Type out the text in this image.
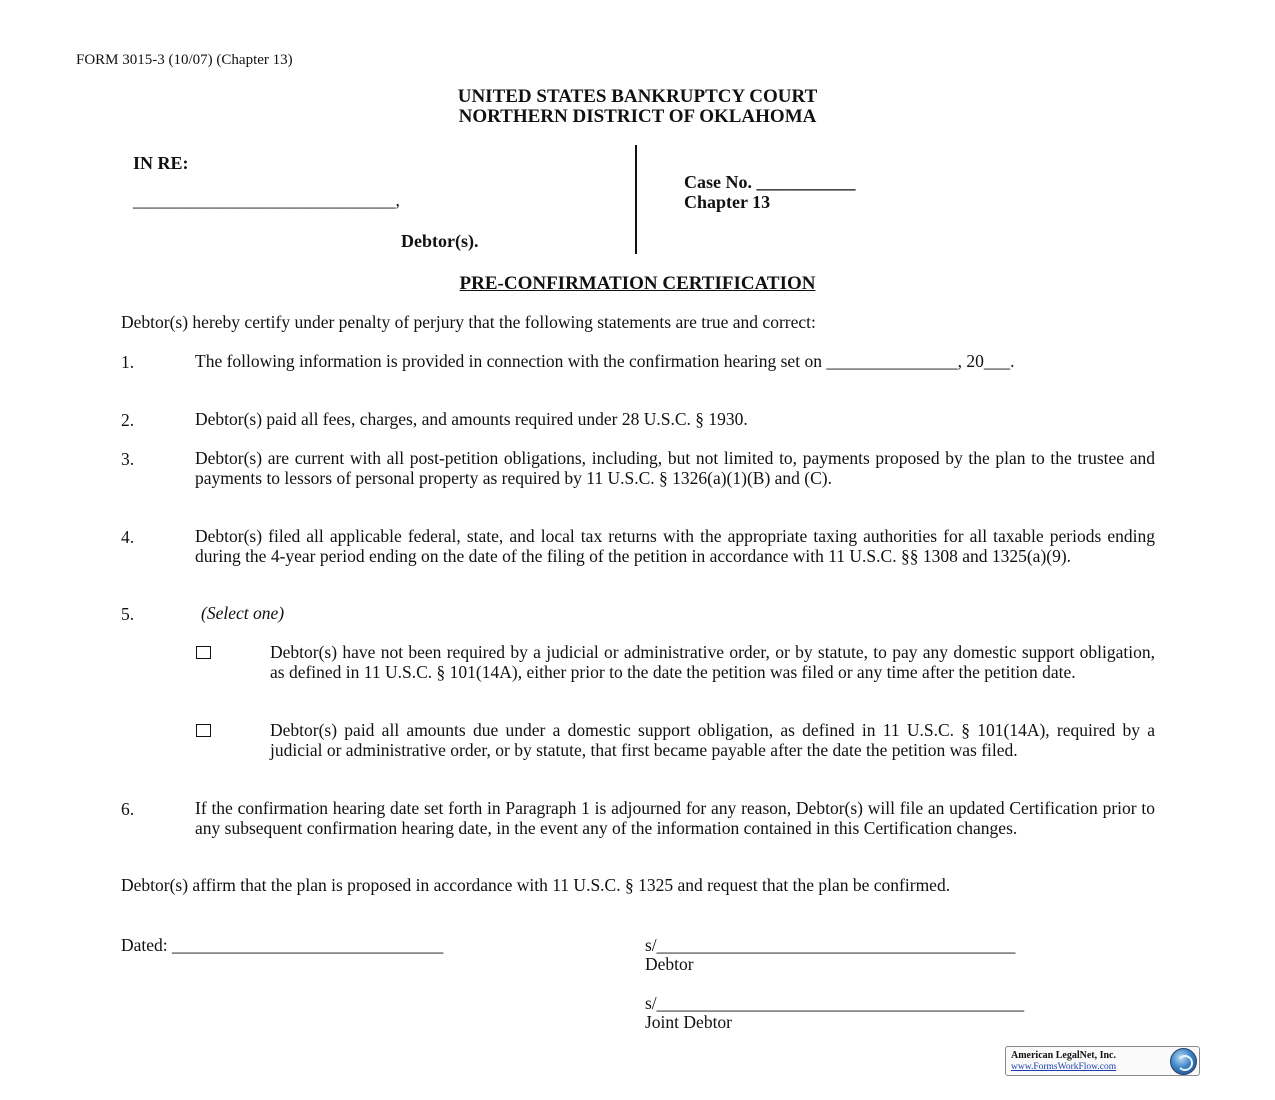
FORM 3015-3 (10/07) (Chapter 13)
UNITED STATES BANKRUPTCY COURT
NORTHERN DISTRICT OF OKLAHOMA
IN RE:
______________________________,
Debtor(s).
Case No. ___________
Chapter 13
PRE-CONFIRMATION CERTIFICATION
Debtor(s) hereby certify under penalty of perjury that the following statements are true and correct:
1.	The following information is provided in connection with the confirmation hearing set on _______________, 20___.
2.	Debtor(s) paid all fees, charges, and amounts required under 28 U.S.C. § 1930.
3.	Debtor(s) are current with all post-petition obligations, including, but not limited to, payments proposed by the plan to the trustee and payments to lessors of personal property as required by 11 U.S.C. § 1326(a)(1)(B) and (C).
4.	Debtor(s) filed all applicable federal, state, and local tax returns with the appropriate taxing authorities for all taxable periods ending during the 4-year period ending on the date of the filing of the petition in accordance with 11 U.S.C. §§ 1308 and 1325(a)(9).
5.	(Select one)
Debtor(s) have not been required by a judicial or administrative order, or by statute, to pay any domestic support obligation, as defined in 11 U.S.C. § 101(14A), either prior to the date the petition was filed or any time after the petition date.
Debtor(s) paid all amounts due under a domestic support obligation, as defined in 11 U.S.C. § 101(14A), required by a judicial or administrative order, or by statute, that first became payable after the date the petition was filed.
6.	If the confirmation hearing date set forth in Paragraph 1 is adjourned for any reason, Debtor(s) will file an updated Certification prior to any subsequent confirmation hearing date, in the event any of the information contained in this Certification changes.
Debtor(s) affirm that the plan is proposed in accordance with 11 U.S.C. § 1325 and request that the plan be confirmed.
Dated: _______________________________	s/_________________________________________
Debtor
s/__________________________________________
Joint Debtor
American LegalNet, Inc.
www.FormsWorkFlow.com
